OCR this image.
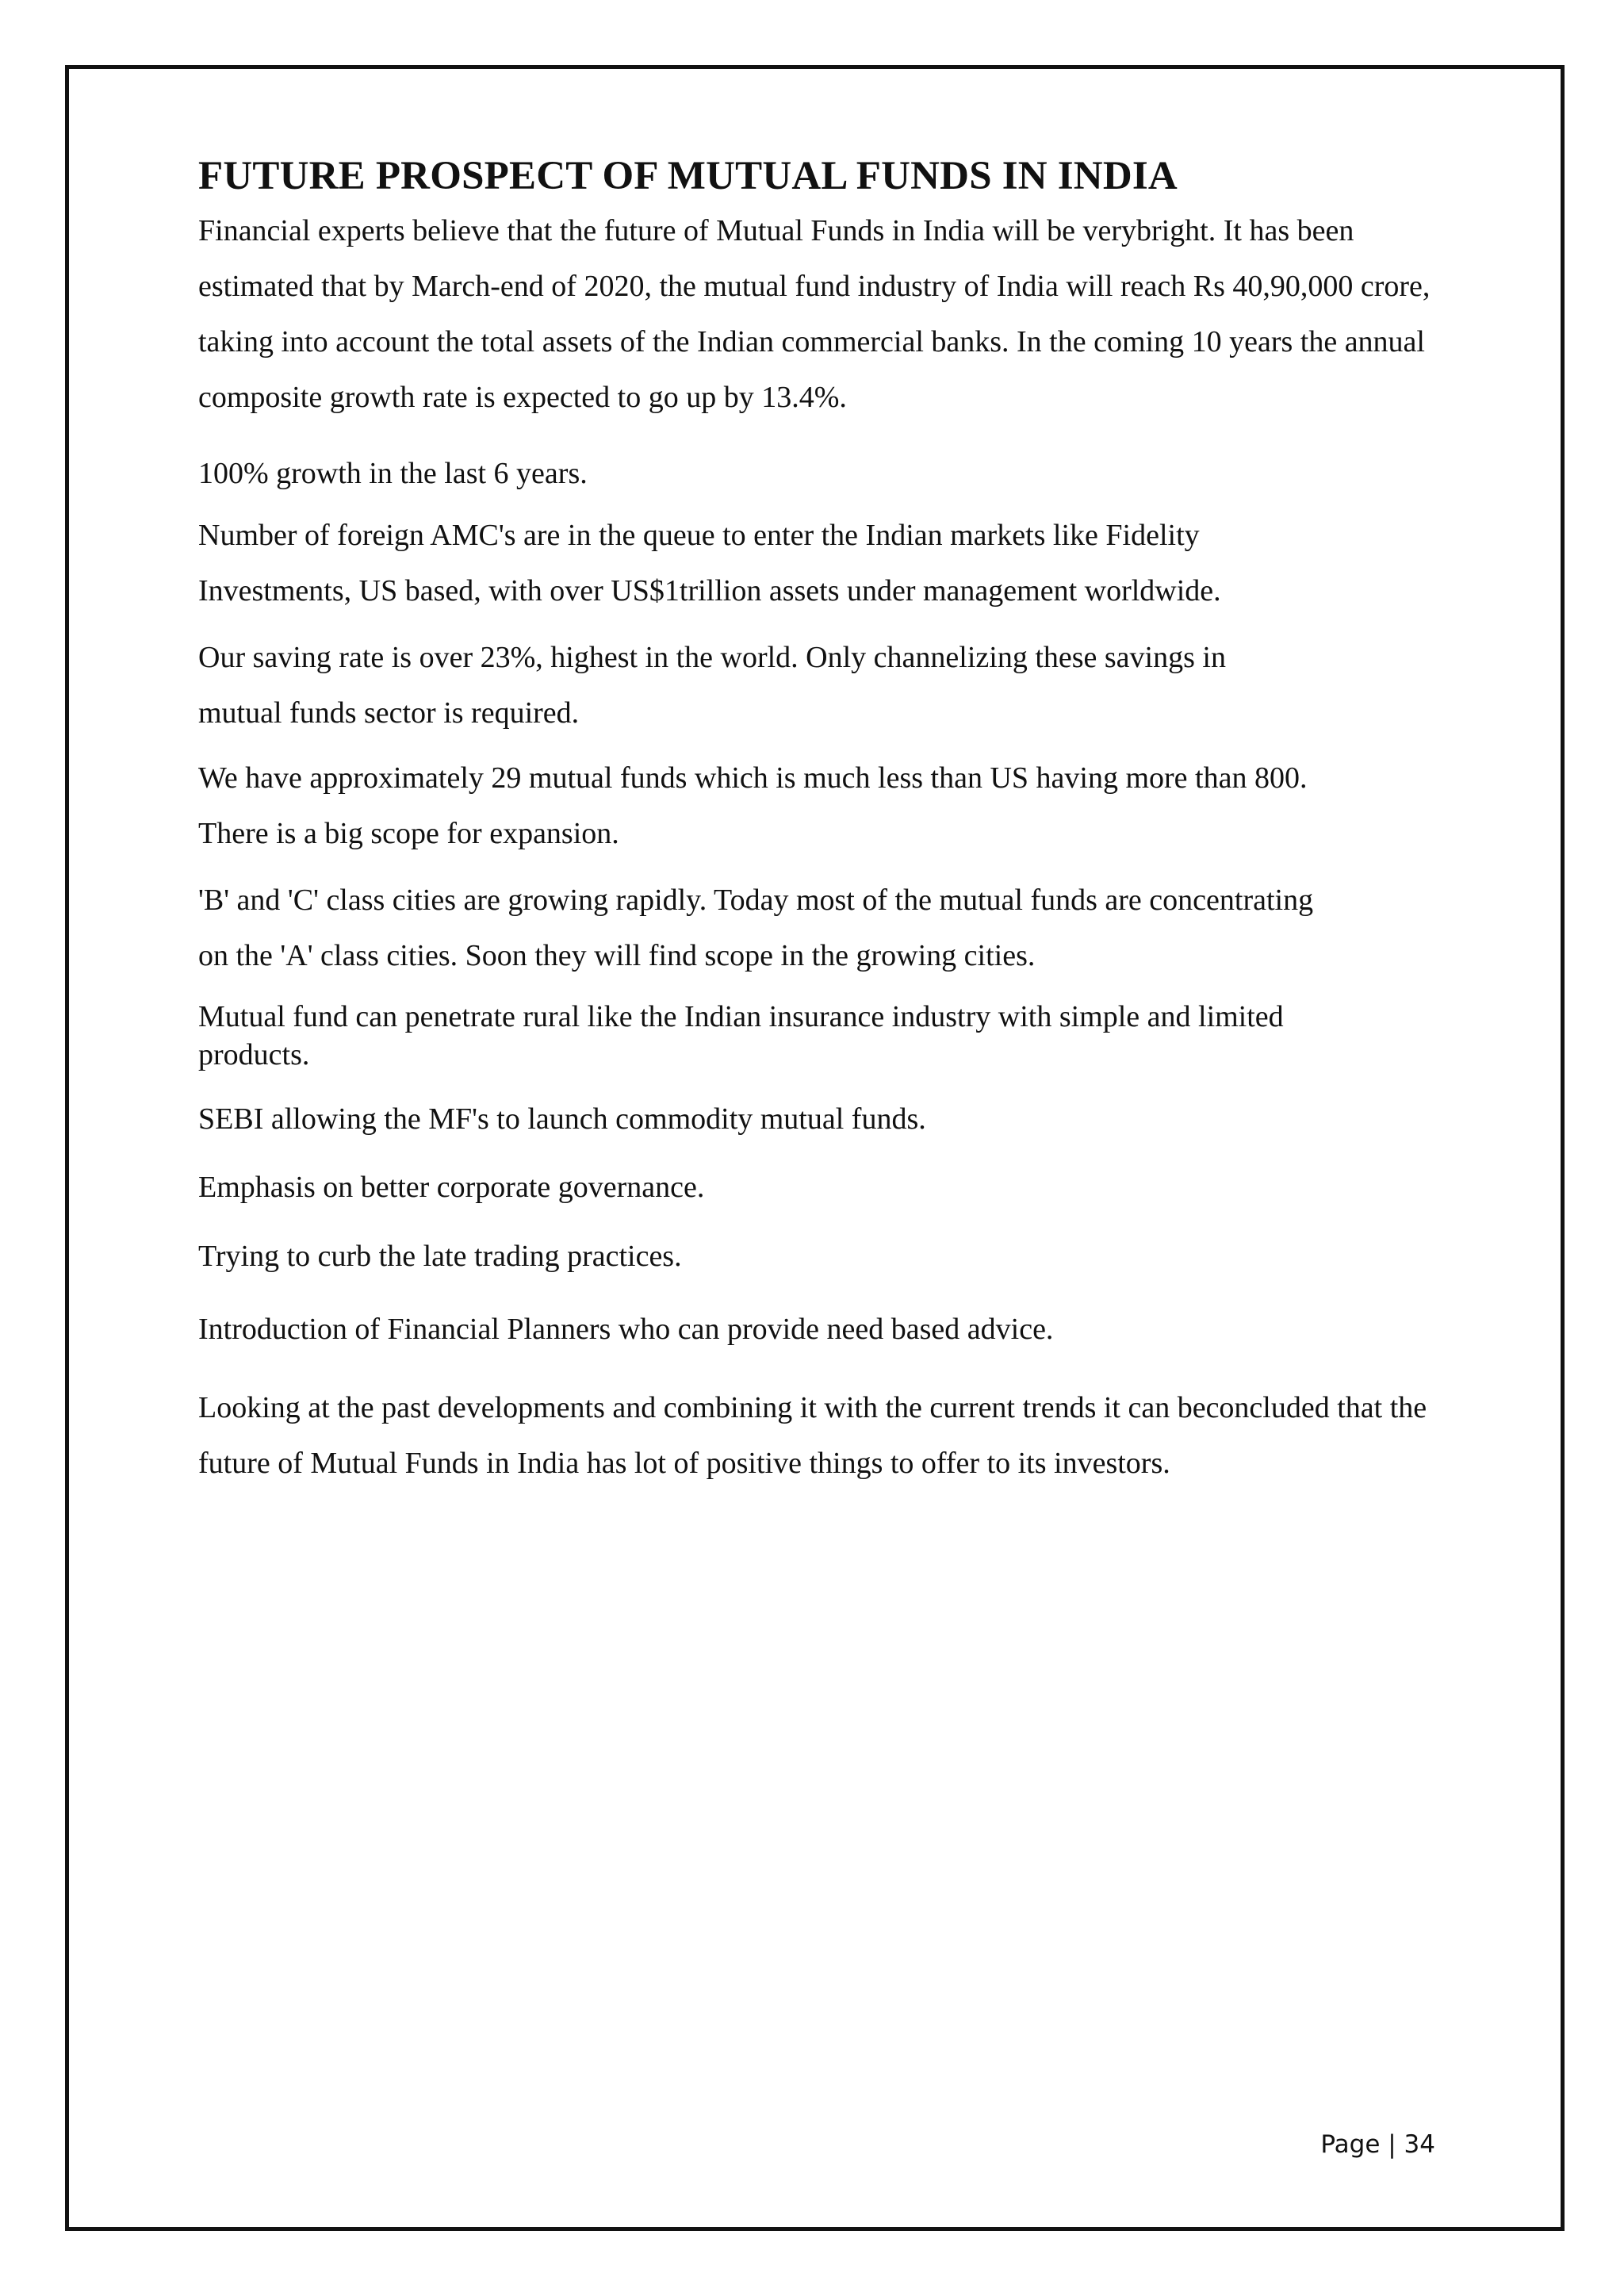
FUTURE PROSPECT OF MUTUAL FUNDS IN INDIA

Financial experts believe that the future of Mutual Funds in India will be verybright. It has been estimated that by March-end of 2020, the mutual fund industry of India will reach Rs 40,90,000 crore, taking into account the total assets of the Indian commercial banks. In the coming 10 years the annual composite growth rate is expected to go up by 13.4%.

100% growth in the last 6 years.

Number of foreign AMC's are in the queue to enter the Indian markets like Fidelity Investments, US based, with over US$1trillion assets under management worldwide.

Our saving rate is over 23%, highest in the world. Only channelizing these savings in mutual funds sector is required.

We have approximately 29 mutual funds which is much less than US having more than 800. There is a big scope for expansion.

'B' and 'C' class cities are growing rapidly. Today most of the mutual funds are concentrating on the 'A' class cities. Soon they will find scope in the growing cities.

Mutual fund can penetrate rural like the Indian insurance industry with simple and limited products.

SEBI allowing the MF's to launch commodity mutual funds.

Emphasis on better corporate governance.

Trying to curb the late trading practices.

Introduction of Financial Planners who can provide need based advice.

Looking at the past developments and combining it with the current trends it can beconcluded that the future of Mutual Funds in India has lot of positive things to offer to its investors.

Page | 34
